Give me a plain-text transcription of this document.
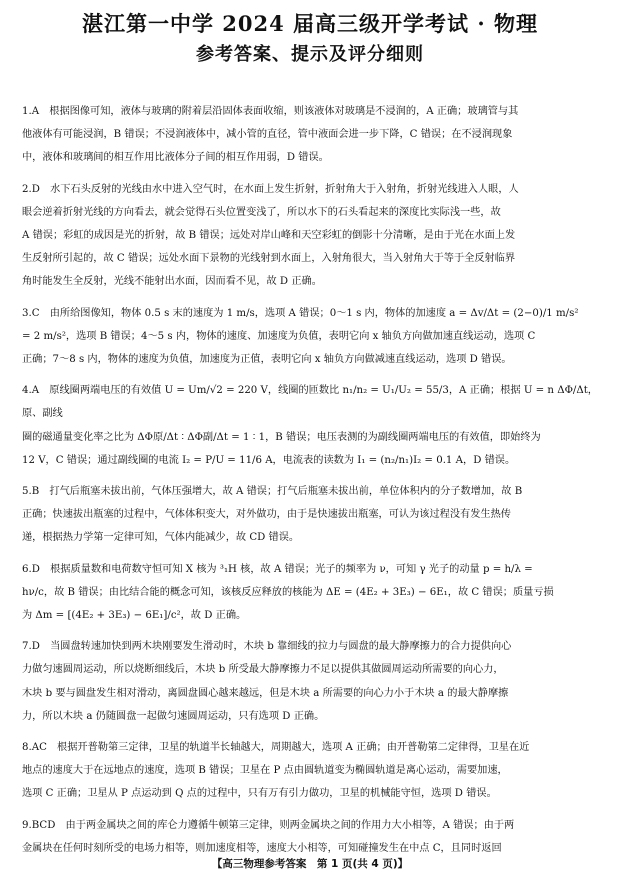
湛江第一中学 2024 届高三级开学考试 · 物理
参考答案、提示及评分细则

1.A　根据图像可知，液体与玻璃的附着层沿固体表面收缩，则该液体对玻璃是不浸润的，A 正确；玻璃管与其

他液体有可能浸润，B 错误；不浸润液体中，减小管的直径，管中液面会进一步下降，C 错误；在不浸润现象

中，液体和玻璃间的相互作用比液体分子间的相互作用弱，D 错误。

2.D　水下石头反射的光线由水中进入空气时，在水面上发生折射，折射角大于入射角，折射光线进入人眼，人

眼会逆着折射光线的方向看去，就会觉得石头位置变浅了，所以水下的石头看起来的深度比实际浅一些，故

A 错误；彩虹的成因是光的折射，故 B 错误；远处对岸山峰和天空彩虹的倒影十分清晰，是由于光在水面上发

生反射所引起的，故 C 错误；远处水面下景物的光线射到水面上，入射角很大，当入射角大于等于全反射临界

角时能发生全反射，光线不能射出水面，因而看不见，故 D 正确。

3.C　由所给图像知，物体 0.5 s 末的速度为 1 m/s，选项 A 错误；0～1 s 内，物体的加速度 a = Δv/Δt = (2−0)/1 m/s²

= 2 m/s²，选项 B 错误；4～5 s 内，物体的速度、加速度为负值，表明它向 x 轴负方向做加速直线运动，选项 C

正确；7～8 s 内，物体的速度为负值，加速度为正值，表明它向 x 轴负方向做减速直线运动，选项 D 错误。

4.A　原线圈两端电压的有效值 U = Um/√2 = 220 V，线圈的匝数比 n₁/n₂ = U₁/U₂ = 55/3，A 正确；根据 U = n ΔΦ/Δt，原、副线

圈的磁通量变化率之比为 ΔΦ原/Δt ∶ ΔΦ副/Δt = 1 ∶ 1，B 错误；电压表测的为副线圈两端电压的有效值，即始终为

12 V，C 错误；通过副线圈的电流 I₂ = P/U = 11/6 A，电流表的读数为 I₁ = (n₂/n₁)I₂ = 0.1 A，D 错误。

5.B　打气后瓶塞未拔出前，气体压强增大，故 A 错误；打气后瓶塞未拔出前，单位体积内的分子数增加，故 B

正确；快速拔出瓶塞的过程中，气体体积变大，对外做功，由于是快速拔出瓶塞，可认为该过程没有发生热传

递，根据热力学第一定律可知，气体内能减少，故 CD 错误。

6.D　根据质量数和电荷数守恒可知 X 核为 ³₁H 核，故 A 错误；光子的频率为 ν，可知 γ 光子的动量 p = h/λ =

hν/c，故 B 错误；由比结合能的概念可知，该核反应释放的核能为 ΔE = (4E₂ + 3E₃) − 6E₁，故 C 错误；质量亏损

为 Δm = [(4E₂ + 3E₃) − 6E₁]/c²，故 D 正确。

7.D　当圆盘转速加快到两木块刚要发生滑动时，木块 b 靠细线的拉力与圆盘的最大静摩擦力的合力提供向心

力做匀速圆周运动，所以烧断细线后，木块 b 所受最大静摩擦力不足以提供其做圆周运动所需要的向心力，

木块 b 要与圆盘发生相对滑动，离圆盘圆心越来越远，但是木块 a 所需要的向心力小于木块 a 的最大静摩擦

力，所以木块 a 仍随圆盘一起做匀速圆周运动，只有选项 D 正确。

8.AC　根据开普勒第三定律，卫星的轨道半长轴越大，周期越大，选项 A 正确；由开普勒第二定律得，卫星在近

地点的速度大于在远地点的速度，选项 B 错误；卫星在 P 点由圆轨道变为椭圆轨道是离心运动，需要加速，

选项 C 正确；卫星从 P 点运动到 Q 点的过程中，只有万有引力做功，卫星的机械能守恒，选项 D 错误。

9.BCD　由于两金属块之间的库仑力遵循牛顿第三定律，则两金属块之间的作用力大小相等，A 错误；由于两

金属块在任何时刻所受的电场力相等，则加速度相等，速度大小相等，可知碰撞发生在中点 C，且同时返回

【高三物理参考答案　第 1 页(共 4 页)】
